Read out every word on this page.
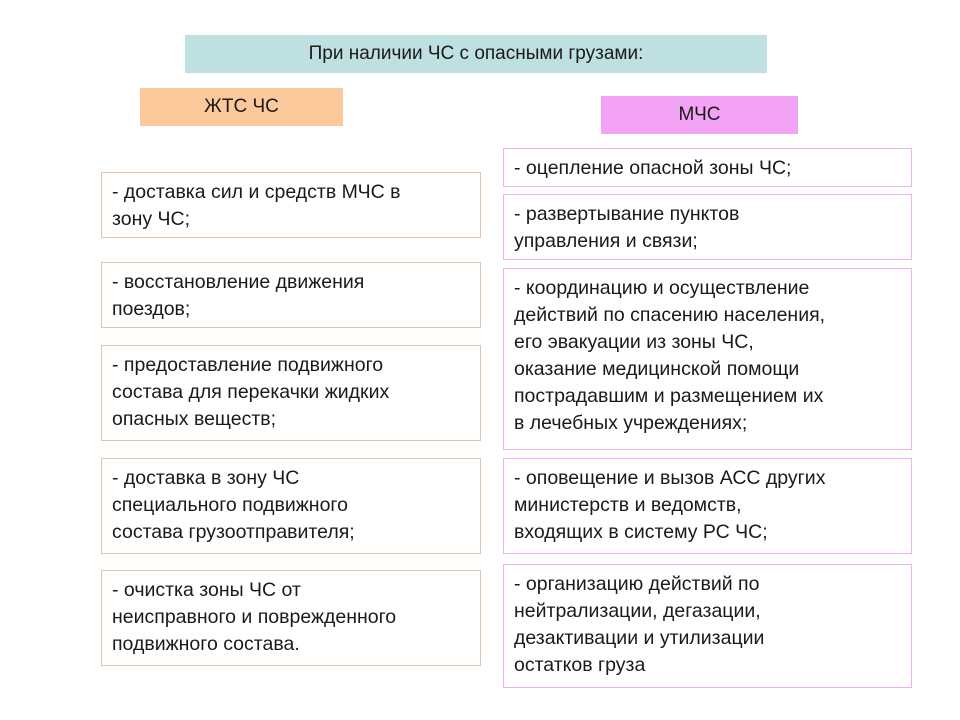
При наличии ЧС с опасными грузами:
ЖТС ЧС	МЧС
- доставка сил и средств МЧС в
зону ЧС;
- восстановление движения
поездов;
- предоставление подвижного
состава для перекачки жидких
опасных веществ;
- доставка в зону ЧС
специального подвижного
состава грузоотправителя;
- очистка зоны ЧС от
неисправного и поврежденного
подвижного состава.
- оцепление опасной зоны ЧС;
- развертывание пунктов
управления и связи;
- координацию и осуществление
действий по спасению населения,
его эвакуации из зоны ЧС,
оказание медицинской помощи
пострадавшим и размещением их
в лечебных учреждениях;
- оповещение и вызов АСС других
министерств и ведомств,
входящих в систему РС ЧС;
- организацию действий по
нейтрализации, дегазации,
дезактивации и утилизации
остатков груза
